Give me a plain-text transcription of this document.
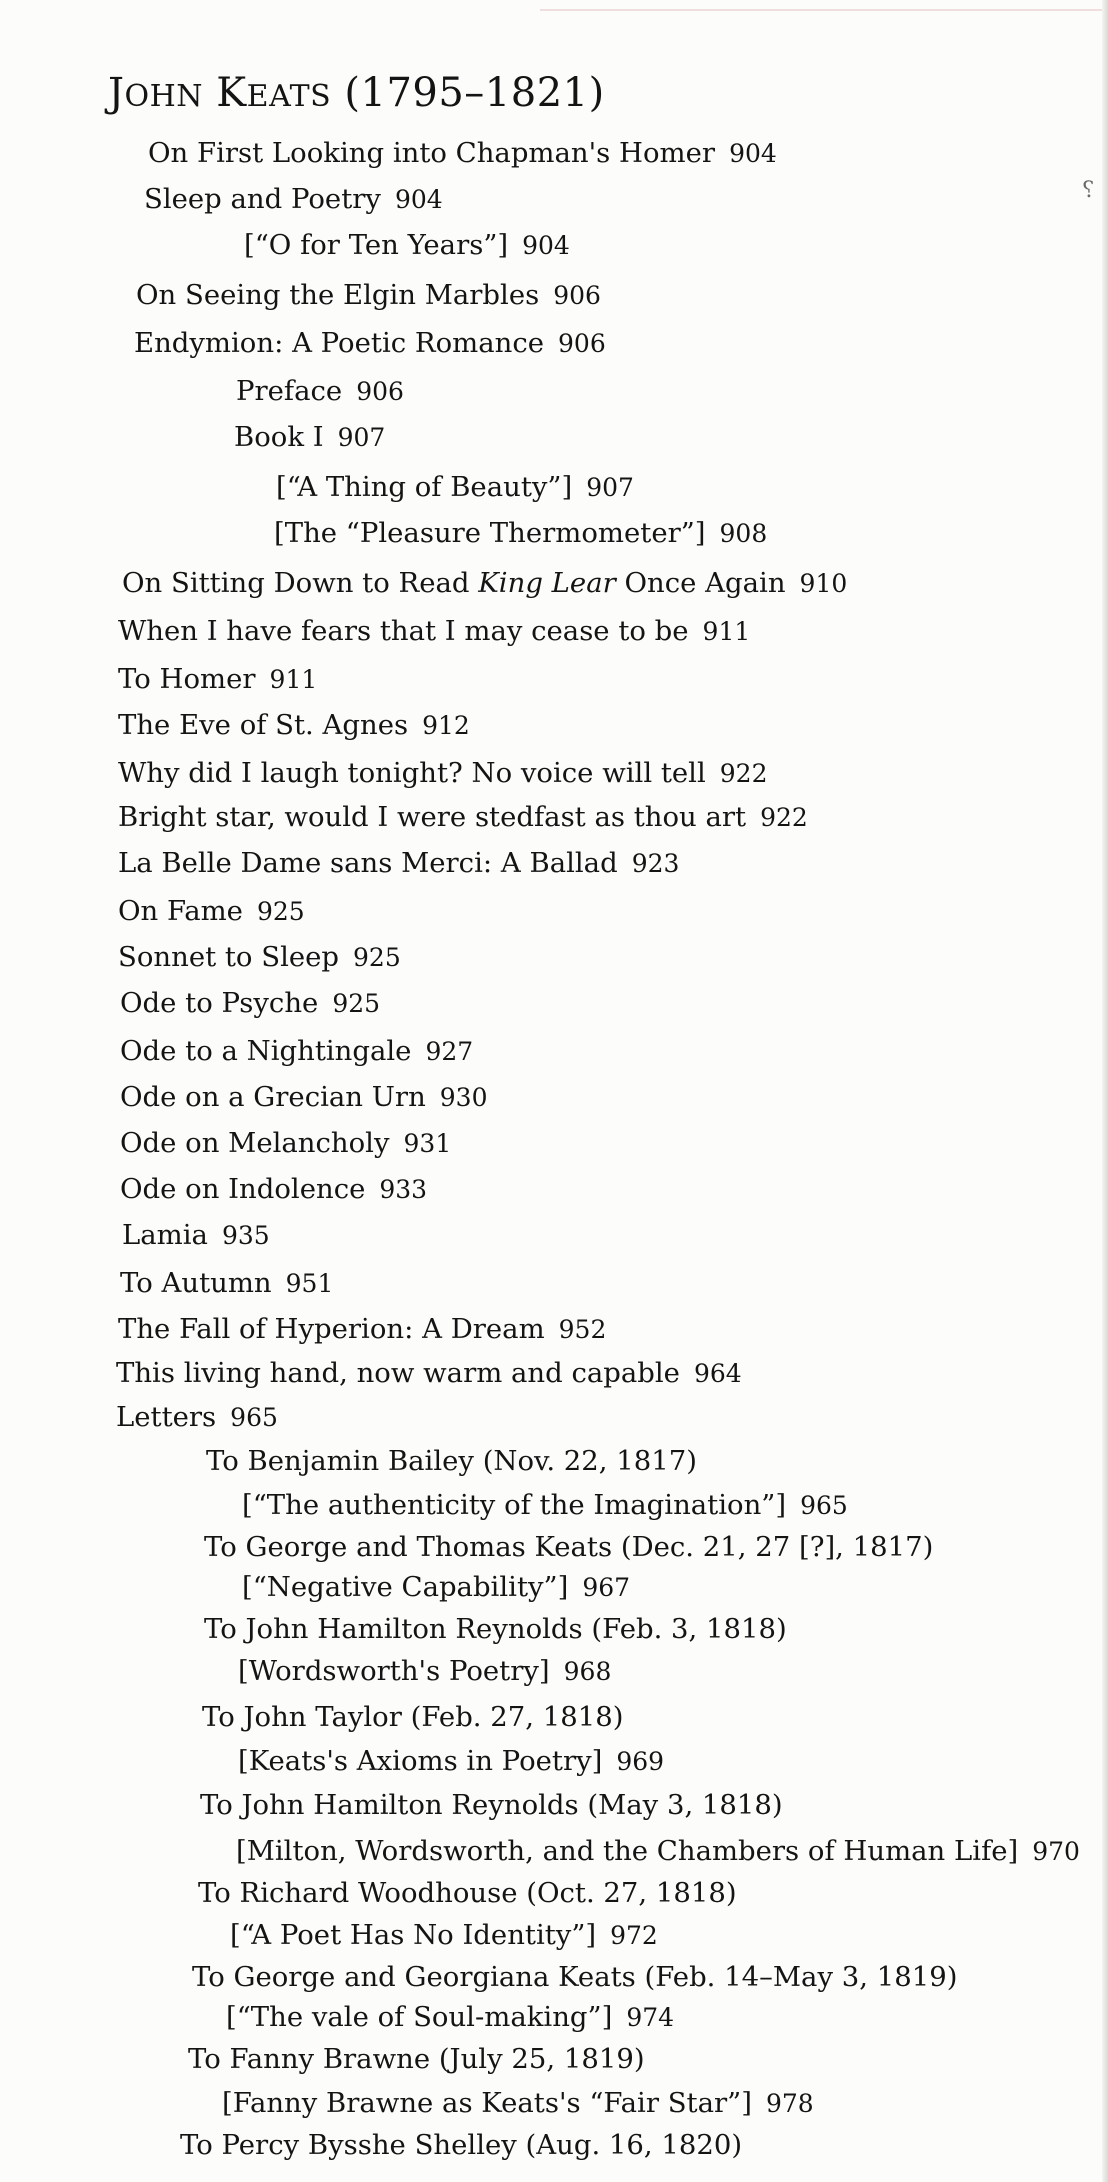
⸮
JOHN KEATS (1795–1821)
On First Looking into Chapman's Homer 904
Sleep and Poetry 904
[“O for Ten Years”] 904
On Seeing the Elgin Marbles 906
Endymion: A Poetic Romance 906
Preface 906
Book I 907
[“A Thing of Beauty”] 907
[The “Pleasure Thermometer”] 908
On Sitting Down to Read King Lear Once Again 910
When I have fears that I may cease to be 911
To Homer 911
The Eve of St. Agnes 912
Why did I laugh tonight? No voice will tell 922
Bright star, would I were stedfast as thou art 922
La Belle Dame sans Merci: A Ballad 923
On Fame 925
Sonnet to Sleep 925
Ode to Psyche 925
Ode to a Nightingale 927
Ode on a Grecian Urn 930
Ode on Melancholy 931
Ode on Indolence 933
Lamia 935
To Autumn 951
The Fall of Hyperion: A Dream 952
This living hand, now warm and capable 964
Letters 965
To Benjamin Bailey (Nov. 22, 1817)
[“The authenticity of the Imagination”] 965
To George and Thomas Keats (Dec. 21, 27 [?], 1817)
[“Negative Capability”] 967
To John Hamilton Reynolds (Feb. 3, 1818)
[Wordsworth's Poetry] 968
To John Taylor (Feb. 27, 1818)
[Keats's Axioms in Poetry] 969
To John Hamilton Reynolds (May 3, 1818)
[Milton, Wordsworth, and the Chambers of Human Life] 970
To Richard Woodhouse (Oct. 27, 1818)
[“A Poet Has No Identity”] 972
To George and Georgiana Keats (Feb. 14–May 3, 1819)
[“The vale of Soul-making”] 974
To Fanny Brawne (July 25, 1819)
[Fanny Brawne as Keats's “Fair Star”] 978
To Percy Bysshe Shelley (Aug. 16, 1820)
